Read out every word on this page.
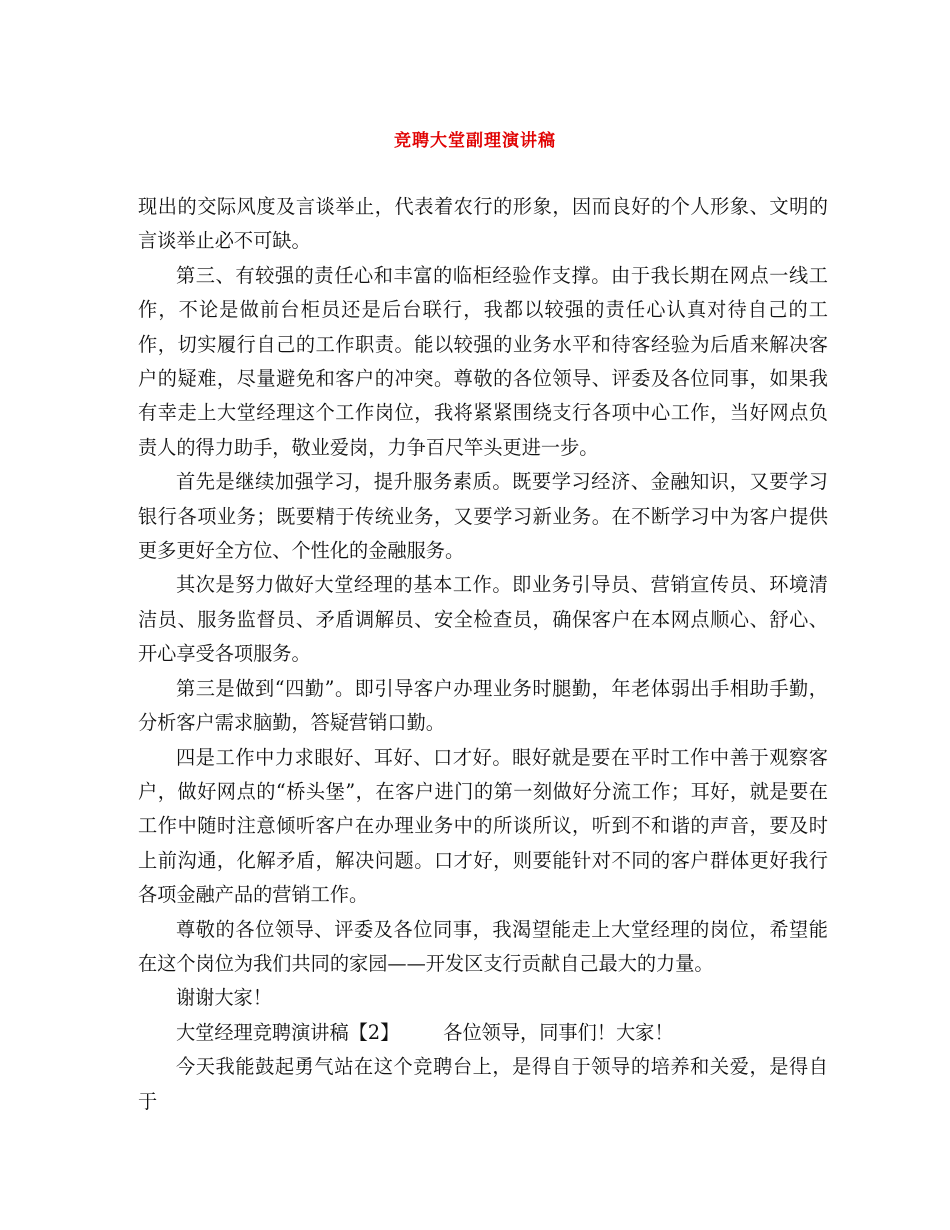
竞聘大堂副理演讲稿

现出的交际风度及言谈举止，代表着农行的形象，因而良好的个人形象、文明的言谈举止必不可缺。

第三、有较强的责任心和丰富的临柜经验作支撑。由于我长期在网点一线工作，不论是做前台柜员还是后台联行，我都以较强的责任心认真对待自己的工作，切实履行自己的工作职责。能以较强的业务水平和待客经验为后盾来解决客户的疑难，尽量避免和客户的冲突。尊敬的各位领导、评委及各位同事，如果我有幸走上大堂经理这个工作岗位，我将紧紧围绕支行各项中心工作，当好网点负责人的得力助手，敬业爱岗，力争百尺竿头更进一步。

首先是继续加强学习，提升服务素质。既要学习经济、金融知识，又要学习银行各项业务；既要精于传统业务，又要学习新业务。在不断学习中为客户提供更多更好全方位、个性化的金融服务。

其次是努力做好大堂经理的基本工作。即业务引导员、营销宣传员、环境清洁员、服务监督员、矛盾调解员、安全检查员，确保客户在本网点顺心、舒心、开心享受各项服务。

第三是做到“四勤”。即引导客户办理业务时腿勤，年老体弱出手相助手勤，分析客户需求脑勤，答疑营销口勤。

四是工作中力求眼好、耳好、口才好。眼好就是要在平时工作中善于观察客户，做好网点的“桥头堡”，在客户进门的第一刻做好分流工作；耳好，就是要在工作中随时注意倾听客户在办理业务中的所谈所议，听到不和谐的声音，要及时上前沟通，化解矛盾，解决问题。口才好，则要能针对不同的客户群体更好我行各项金融产品的营销工作。

尊敬的各位领导、评委及各位同事，我渴望能走上大堂经理的岗位，希望能在这个岗位为我们共同的家园——开发区支行贡献自己最大的力量。

谢谢大家！

大堂经理竞聘演讲稿【2】 各位领导，同事们！大家！

今天我能鼓起勇气站在这个竞聘台上，是得自于领导的培养和关爱，是得自于
